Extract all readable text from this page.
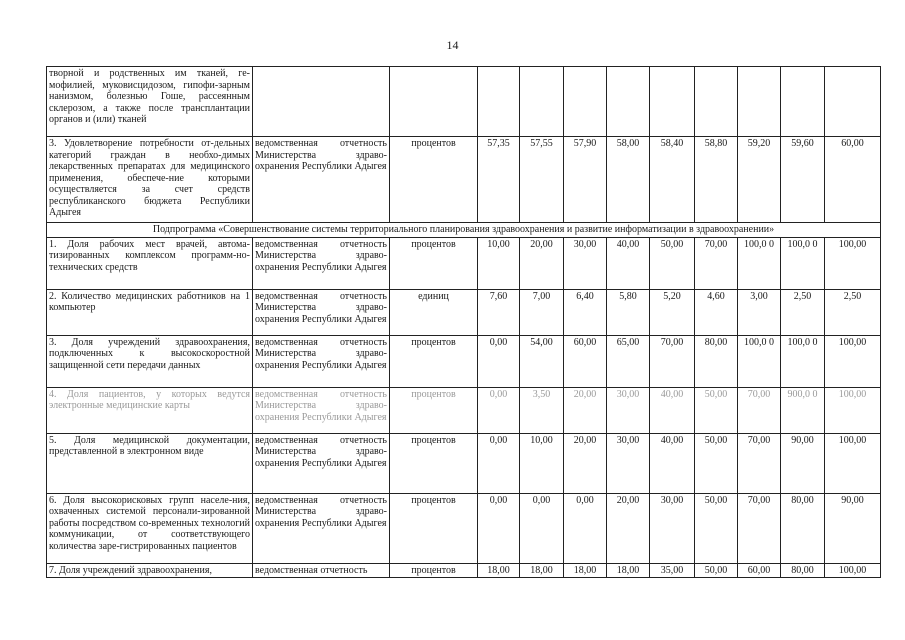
14
творной и родственных им тканей, ге-мофилией, муковисцидозом, гипофи-зарным нанизмом, болезнью Гоше, рассеянным склерозом, а также после трансплантации органов и (или) тканей											
3. Удовлетворение потребности от-дельных категорий граждан в необхо-димых лекарственных препаратах для медицинского применения, обеспече-ние которыми осуществляется за счет средств республиканского бюджета Республики Адыгея	ведомственная отчетность Министерства здраво-охранения Республики Адыгея	процентов	57,35	57,55	57,90	58,00	58,40	58,80	59,20	59,60	60,00
Подпрограмма «Совершенствование системы территориального планирования здравоохранения и развитие информатизации в здравоохранении»											
1. Доля рабочих мест врачей, автома-тизированных комплексом программ-но-технических средств	ведомственная отчетность Министерства здраво-охранения Республики Адыгея	процентов	10,00	20,00	30,00	40,00	50,00	70,00	100,0 0	100,0 0	100,00
2. Количество медицинских работников на 1 компьютер	ведомственная отчетность Министерства здраво-охранения Республики Адыгея	единиц	7,60	7,00	6,40	5,80	5,20	4,60	3,00	2,50	2,50
3. Доля учреждений здравоохранения, подключенных к высокоскоростной защищенной сети передачи данных	ведомственная отчетность Министерства здраво-охранения Республики Адыгея	процентов	0,00	54,00	60,00	65,00	70,00	80,00	100,0 0	100,0 0	100,00
4. Доля пациентов, у которых ведутся электронные медицинские карты	ведомственная отчетность Министерства здраво-охранения Республики Адыгея	процентов	0,00	3,50	20,00	30,00	40,00	50,00	70,00	900,0 0	100,00
5. Доля медицинской документации, представленной в электронном виде	ведомственная отчетность Министерства здраво-охранения Республики Адыгея	процентов	0,00	10,00	20,00	30,00	40,00	50,00	70,00	90,00	100,00
6. Доля высокорисковых групп населе-ния, охваченных системой персонали-зированной работы посредством со-временных технологий коммуникации, от соответствующего количества заре-гистрированных пациентов	ведомственная отчетность Министерства здраво-охранения Республики Адыгея	процентов	0,00	0,00	0,00	20,00	30,00	50,00	70,00	80,00	90,00
7. Доля учреждений здравоохранения,	ведомственная отчетность	процентов	18,00	18,00	18,00	18,00	35,00	50,00	60,00	80,00	100,00
